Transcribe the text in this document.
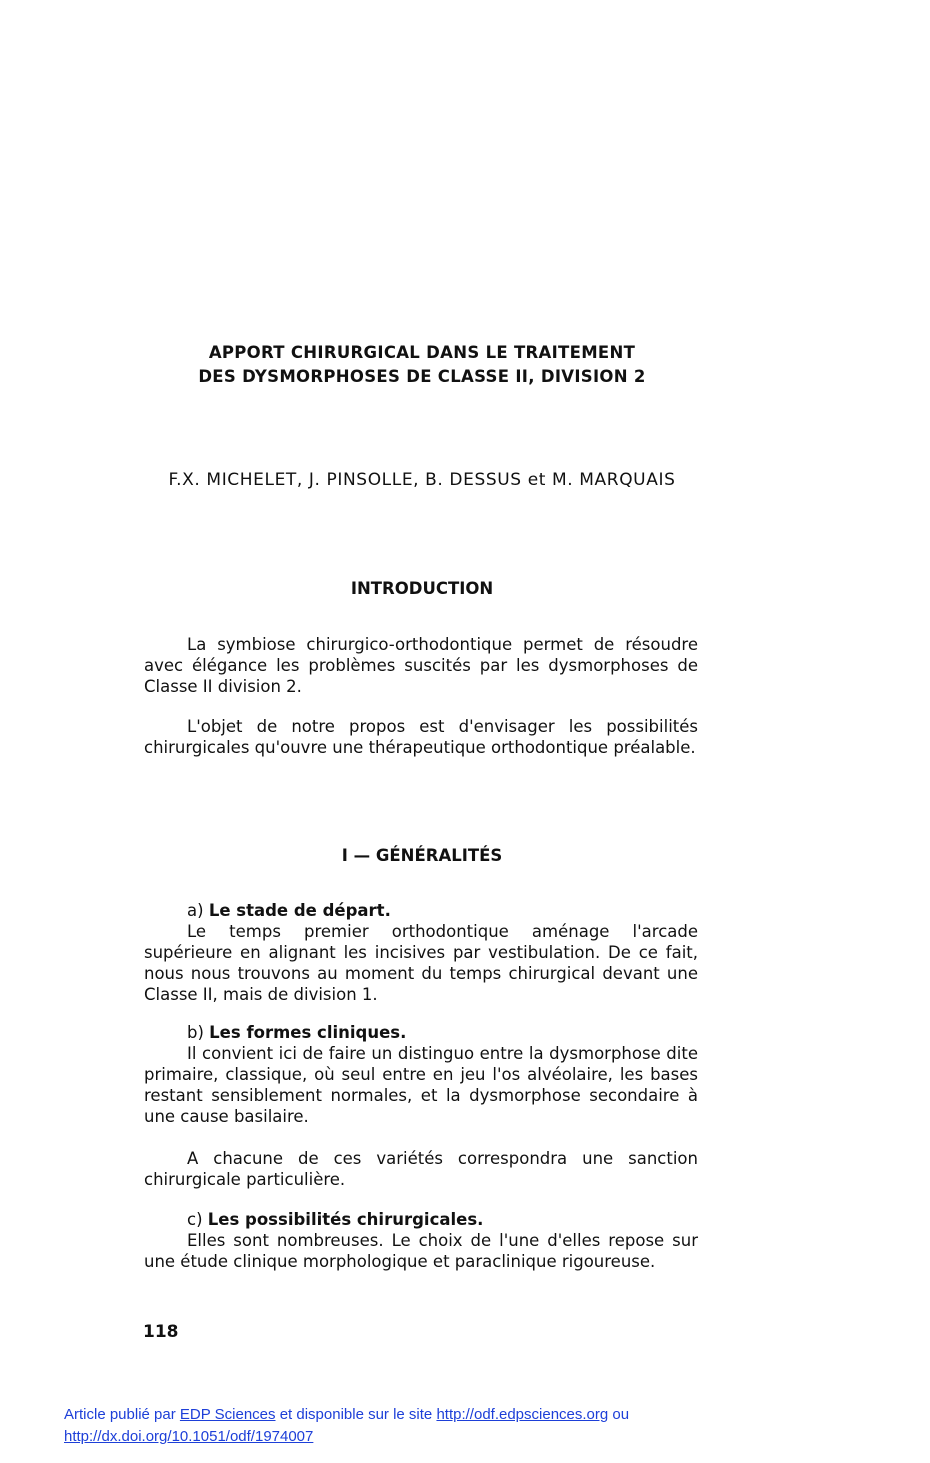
APPORT CHIRURGICAL DANS LE TRAITEMENT
DES DYSMORPHOSES DE CLASSE II, DIVISION 2
F.X. MICHELET, J. PINSOLLE, B. DESSUS et M. MARQUAIS
INTRODUCTION

La symbiose chirurgico-orthodontique permet de résoudre avec élégance les problèmes suscités par les dysmorphoses de Classe II division 2.

L'objet de notre propos est d'envisager les possibilités chirurgicales qu'ouvre une thérapeutique orthodontique préalable.

I — GÉNÉRALITÉS
a) Le stade de départ.
Le temps premier orthodontique aménage l'arcade supérieure en alignant les incisives par vestibulation. De ce fait, nous nous trouvons au moment du temps chirurgical devant une Classe II, mais de division 1.
b) Les formes cliniques.
Il convient ici de faire un distinguo entre la dysmorphose dite primaire, classique, où seul entre en jeu l'os alvéolaire, les bases restant sensiblement normales, et la dysmorphose secondaire à une cause basilaire.

A chacune de ces variétés correspondra une sanction chirurgicale particulière.

c) Les possibilités chirurgicales.
Elles sont nombreuses. Le choix de l'une d'elles repose sur une étude clinique morphologique et paraclinique rigoureuse.
118
Article publié par EDP Sciences et disponible sur le site http://odf.edpsciences.org ou
http://dx.doi.org/10.1051/odf/1974007
